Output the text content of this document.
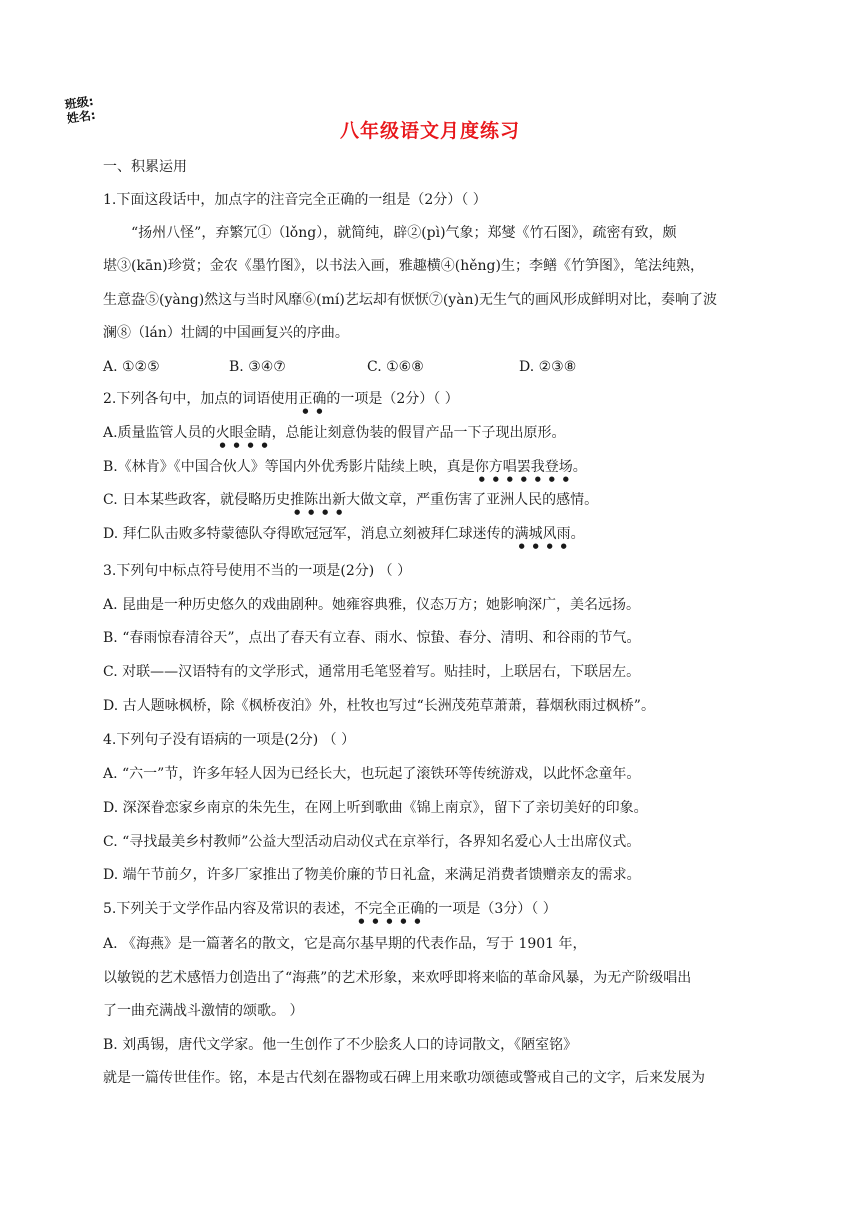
班级:
姓名:
八年级语文月度练习
一、积累运用
1.下面这段话中，加点字的注音完全正确的一组是（2分）（ ）
“扬州八怪”，弃繁冗①（lǒng），就简纯，辟②(pì)气象；郑燮《竹石图》，疏密有致，颇
堪③(kān)珍赏；金农《墨竹图》，以书法入画，雅趣横④(hěng)生；李鳝《竹笋图》，笔法纯熟，
生意盎⑤(yàng)然这与当时风靡⑥(mí)艺坛却有恹恹⑦(yàn)无生气的画风形成鲜明对比，奏响了波
澜⑧（lán）壮阔的中国画复兴的序曲。
A. ①②⑤	B. ③④⑦	C. ①⑥⑧	D. ②③⑧
2.下列各句中，加点的词语使用正确的一项是（2分）（ ）
A.质量监管人员的火眼金睛，总能让刻意伪装的假冒产品一下子现出原形。
B.《林肯》《中国合伙人》等国内外优秀影片陆续上映，真是你方唱罢我登场。
C. 日本某些政客，就侵略历史推陈出新大做文章，严重伤害了亚洲人民的感情。
D. 拜仁队击败多特蒙德队夺得欧冠冠军，消息立刻被拜仁球迷传的满城风雨。
3.下列句中标点符号使用不当的一项是(2分) （ ）
A. 昆曲是一种历史悠久的戏曲剧种。她雍容典雅，仪态万方；她影响深广，美名远扬。
B. “春雨惊春清谷天”，点出了春天有立春、雨水、惊蛰、春分、清明、和谷雨的节气。
C. 对联——汉语特有的文学形式，通常用毛笔竖着写。贴挂时，上联居右，下联居左。
D. 古人题咏枫桥，除《枫桥夜泊》外，杜牧也写过“长洲茂苑草萧萧，暮烟秋雨过枫桥”。
4.下列句子没有语病的一项是(2分) （ ）
A. “六一”节，许多年轻人因为已经长大，也玩起了滚铁环等传统游戏，以此怀念童年。
D. 深深眷恋家乡南京的朱先生，在网上听到歌曲《锦上南京》，留下了亲切美好的印象。
C. “寻找最美乡村教师”公益大型活动启动仪式在京举行，各界知名爱心人士出席仪式。
D. 端午节前夕，许多厂家推出了物美价廉的节日礼盒，来满足消费者馈赠亲友的需求。
5.下列关于文学作品内容及常识的表述，不完全正确的一项是（3分）（ ）
A. 《海燕》是一篇著名的散文，它是高尔基早期的代表作品，写于 1901 年，
以敏锐的艺术感悟力创造出了“海燕”的艺术形象，来欢呼即将来临的革命风暴，为无产阶级唱出
了一曲充满战斗激情的颂歌。 ）
B. 刘禹锡，唐代文学家。他一生创作了不少脍炙人口的诗词散文，《陋室铭》
就是一篇传世佳作。铭，本是古代刻在器物或石碑上用来歌功颂德或警戒自己的文字，后来发展为
